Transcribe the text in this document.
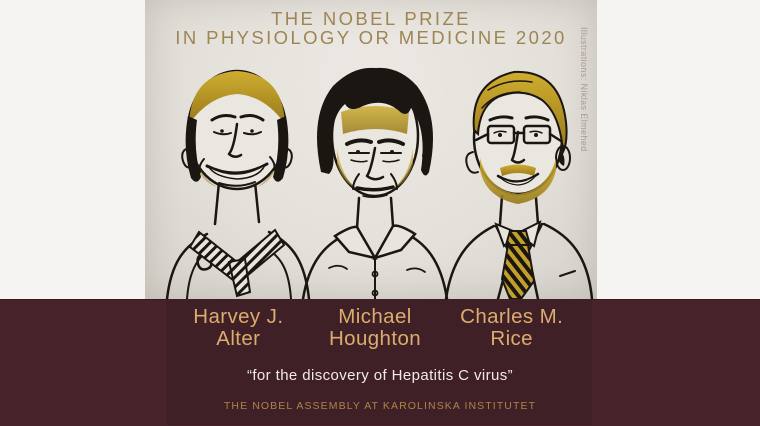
THE NOBEL PRIZE
IN PHYSIOLOGY OR MEDICINE 2020	Illustrations: Niklas Elmehed
Harvey J.
Alter
Michael
Houghton
Charles M.
Rice
“for the discovery of Hepatitis C virus”
THE NOBEL ASSEMBLY AT KAROLINSKA INSTITUTET
